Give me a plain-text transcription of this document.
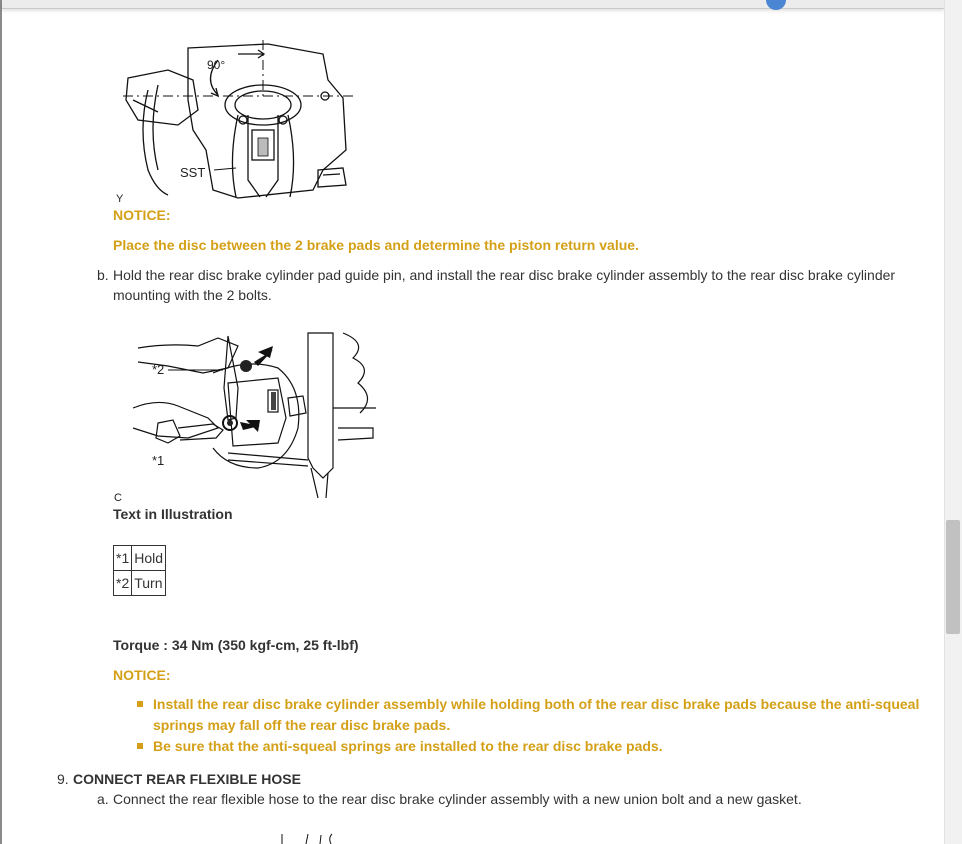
90°
SST
Y
NOTICE:
Place the disc between the 2 brake pads and determine the piston return value.
b. Hold the rear disc brake cylinder pad guide pin, and install the rear disc brake cylinder assembly to the rear disc brake cylinder
mounting with the 2 bolts.
*2
*1
C
Text in Illustration
*1	Hold
*2	Turn
Torque : 34 Nm (350 kgf-cm, 25 ft-lbf)
NOTICE:
Install the rear disc brake cylinder assembly while holding both of the rear disc brake pads because the anti-squeal springs may fall off the rear disc brake pads.
Be sure that the anti-squeal springs are installed to the rear disc brake pads.
9. CONNECT REAR FLEXIBLE HOSE
a. Connect the rear flexible hose to the rear disc brake cylinder assembly with a new union bolt and a new gasket.
